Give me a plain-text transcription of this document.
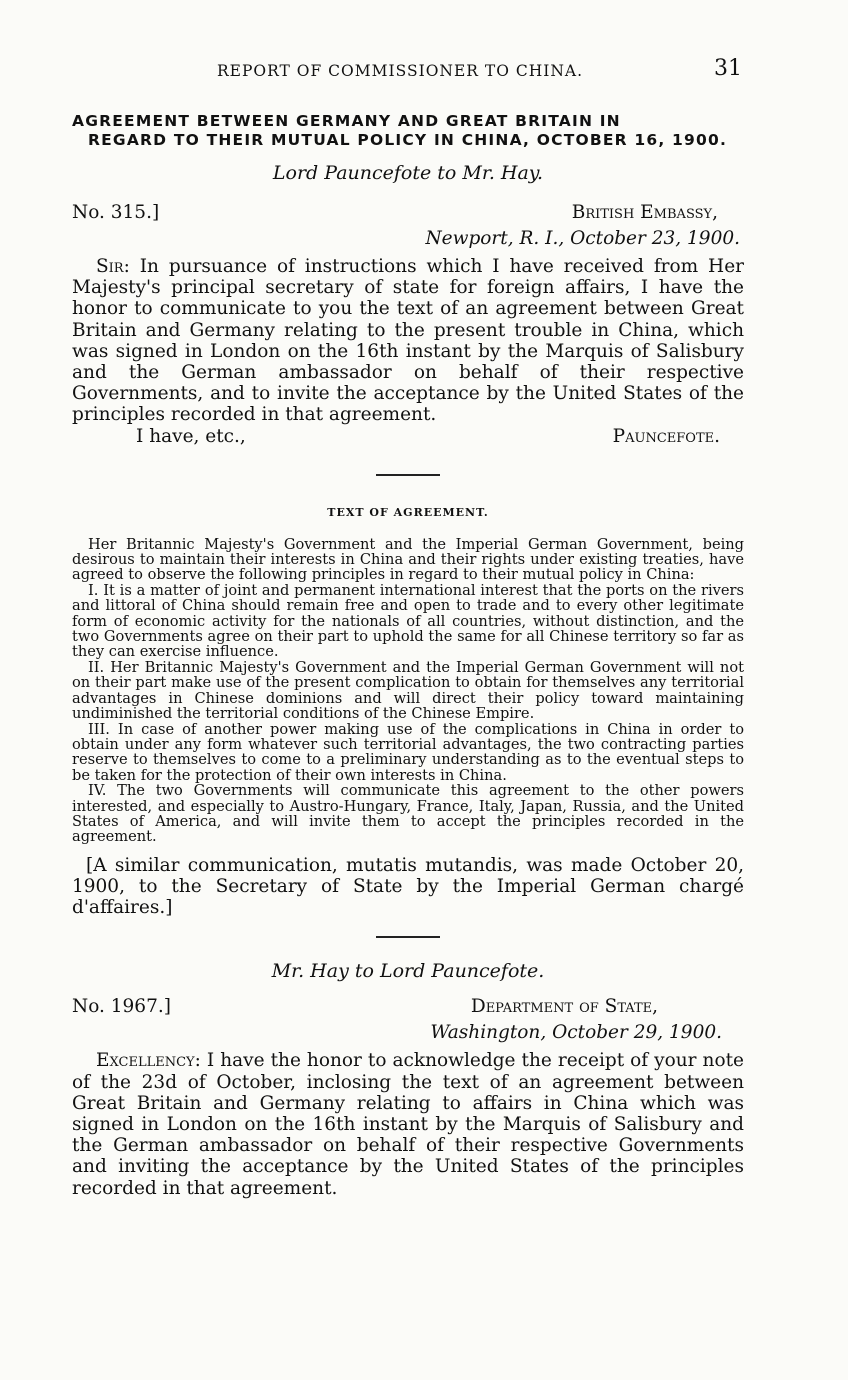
REPORT OF COMMISSIONER TO CHINA.	31
AGREEMENT BETWEEN GERMANY AND GREAT BRITAIN IN
REGARD TO THEIR MUTUAL POLICY IN CHINA, OCTOBER 16, 1900.
Lord Pauncefote to Mr. Hay.
No. 315.]	British Embassy,
Newport, R. I., October 23, 1900.
Sir: In pursuance of instructions which I have received from Her Majesty's principal secretary of state for foreign affairs, I have the honor to communicate to you the text of an agreement between Great Britain and Germany relating to the present trouble in China, which was signed in London on the 16th instant by the Marquis of Salisbury and the German ambassador on behalf of their respective Governments, and to invite the acceptance by the United States of the principles recorded in that agreement.
I have, etc.,	Pauncefote.
TEXT OF AGREEMENT.

Her Britannic Majesty's Government and the Imperial German Government, being desirous to maintain their interests in China and their rights under existing treaties, have agreed to observe the following principles in regard to their mutual policy in China:

I. It is a matter of joint and permanent international interest that the ports on the rivers and littoral of China should remain free and open to trade and to every other legitimate form of economic activity for the nationals of all countries, without distinction, and the two Governments agree on their part to uphold the same for all Chinese territory so far as they can exercise influence.

II. Her Britannic Majesty's Government and the Imperial German Government will not on their part make use of the present complication to obtain for themselves any territorial advantages in Chinese dominions and will direct their policy toward maintaining undiminished the territorial conditions of the Chinese Empire.

III. In case of another power making use of the complications in China in order to obtain under any form whatever such territorial advantages, the two contracting parties reserve to themselves to come to a preliminary understanding as to the eventual steps to be taken for the protection of their own interests in China.

IV. The two Governments will communicate this agreement to the other powers interested, and especially to Austro-Hungary, France, Italy, Japan, Russia, and the United States of America, and will invite them to accept the principles recorded in the agreement.

[A similar communication, mutatis mutandis, was made October 20, 1900, to the Secretary of State by the Imperial German chargé d'affaires.]
Mr. Hay to Lord Pauncefote.
No. 1967.]	Department of State,
Washington, October 29, 1900.
Excellency: I have the honor to acknowledge the receipt of your note of the 23d of October, inclosing the text of an agreement between Great Britain and Germany relating to affairs in China which was signed in London on the 16th instant by the Marquis of Salisbury and the German ambassador on behalf of their respective Governments and inviting the acceptance by the United States of the principles recorded in that agreement.
